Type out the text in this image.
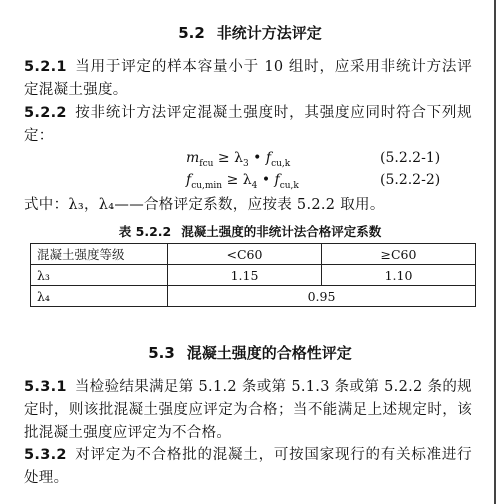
5.2 非统计方法评定
5.2.1 当用于评定的样本容量小于 10 组时，应采用非统计方法评定混凝土强度。
5.2.2 按非统计方法评定混凝土强度时，其强度应同时符合下列规定：
$m_{fcu} \ge \lambda_3$ • $f_{cu,k}$	(5.2.2-1)
$f_{cu,min} \ge \lambda_4$ • $f_{cu,k}$	(5.2.2-2)
式中：λ₃，λ₄——合格评定系数，应按表 5.2.2 取用。
表 5.2.2 混凝土强度的非统计法合格评定系数
混凝土强度等级	<C60	≥C60
λ₃	1.15	1.10
λ₄	0.95	
5.3 混凝土强度的合格性评定
5.3.1 当检验结果满足第 5.1.2 条或第 5.1.3 条或第 5.2.2 条的规定时，则该批混凝土强度应评定为合格；当不能满足上述规定时，该批混凝土强度应评定为不合格。
5.3.2 对评定为不合格批的混凝土，可按国家现行的有关标准进行处理。
